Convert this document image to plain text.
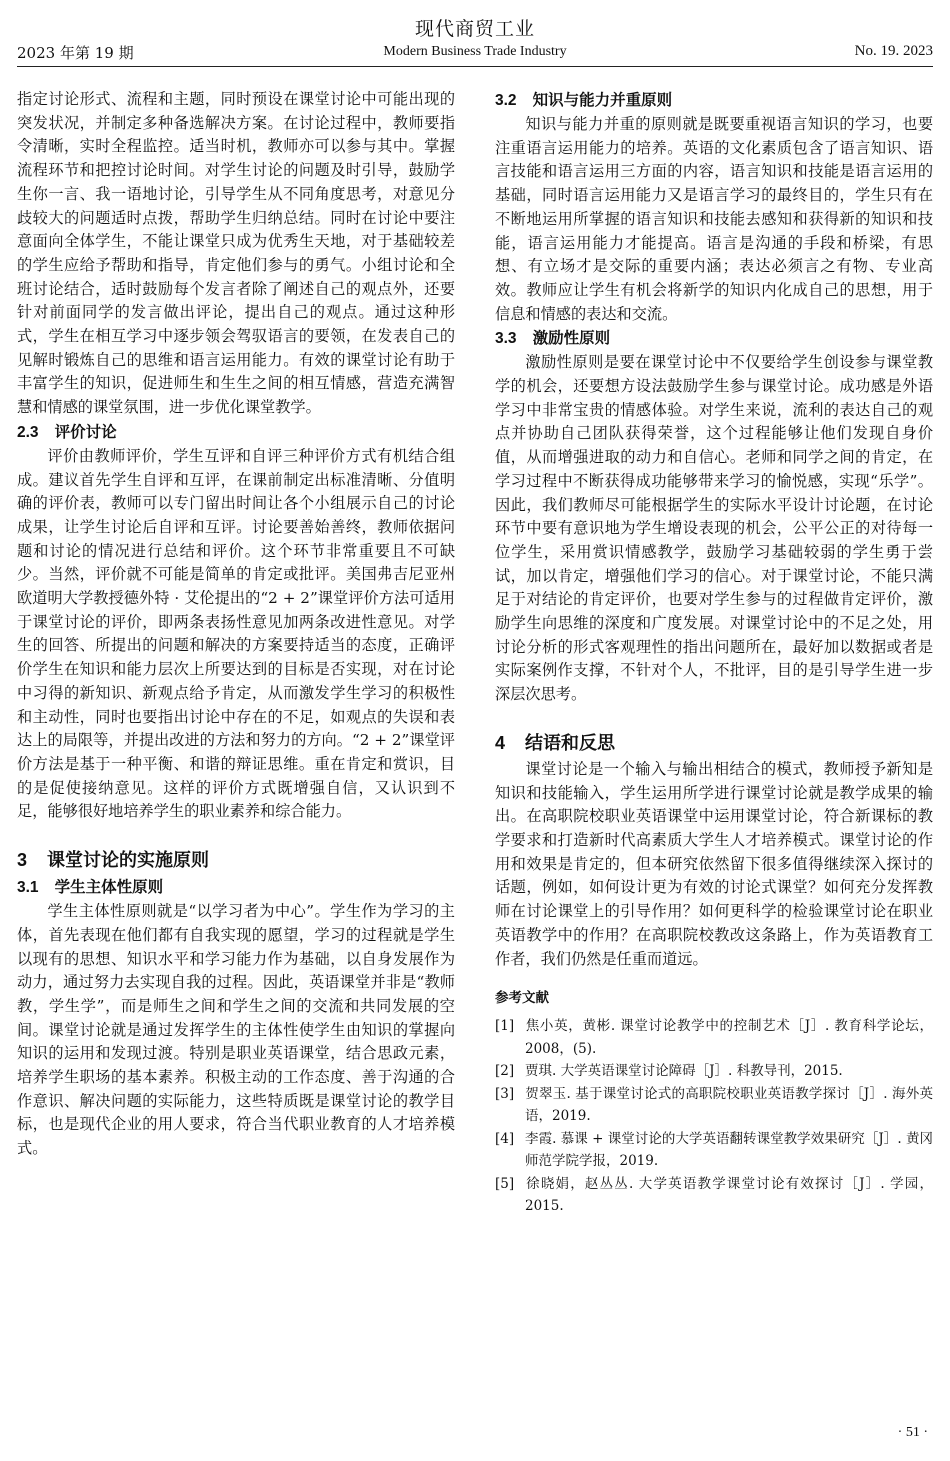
现代商贸工业
2023 年第 19 期	Modern Business Trade Industry	No. 19. 2023

指定讨论形式、流程和主题，同时预设在课堂讨论中可能出现的突发状况，并制定多种备选解决方案。在讨论过程中，教师要指令清晰，实时全程监控。适当时机，教师亦可以参与其中。掌握流程环节和把控讨论时间。对学生讨论的问题及时引导，鼓励学生你一言、我一语地讨论，引导学生从不同角度思考，对意见分歧较大的问题适时点拨，帮助学生归纳总结。同时在讨论中要注意面向全体学生，不能让课堂只成为优秀生天地，对于基础较差的学生应给予帮助和指导，肯定他们参与的勇气。小组讨论和全班讨论结合，适时鼓励每个发言者除了阐述自己的观点外，还要针对前面同学的发言做出评论，提出自己的观点。通过这种形式，学生在相互学习中逐步领会驾驭语言的要领，在发表自己的见解时锻炼自己的思维和语言运用能力。有效的课堂讨论有助于丰富学生的知识，促进师生和生生之间的相互情感，营造充满智慧和情感的课堂氛围，进一步优化课堂教学。

2.3 评价讨论

评价由教师评价，学生互评和自评三种评价方式有机结合组成。建议首先学生自评和互评，在课前制定出标准清晰、分值明确的评价表，教师可以专门留出时间让各个小组展示自己的讨论成果，让学生讨论后自评和互评。讨论要善始善终，教师依据问题和讨论的情况进行总结和评价。这个环节非常重要且不可缺少。当然，评价就不可能是简单的肯定或批评。美国弗吉尼亚州欧道明大学教授德外特 · 艾伦提出的“2 + 2”课堂评价方法可适用于课堂讨论的评价，即两条表扬性意见加两条改进性意见。对学生的回答、所提出的问题和解决的方案要持适当的态度，正确评价学生在知识和能力层次上所要达到的目标是否实现，对在讨论中习得的新知识、新观点给予肯定，从而激发学生学习的积极性和主动性，同时也要指出讨论中存在的不足，如观点的失误和表达上的局限等，并提出改进的方法和努力的方向。“2 + 2”课堂评价方法是基于一种平衡、和谐的辩证思维。重在肯定和赏识，目的是促使接纳意见。这样的评价方式既增强自信，又认识到不足，能够很好地培养学生的职业素养和综合能力。

3 课堂讨论的实施原则

3.1 学生主体性原则

学生主体性原则就是“以学习者为中心”。学生作为学习的主体，首先表现在他们都有自我实现的愿望，学习的过程就是学生以现有的思想、知识水平和学习能力作为基础，以自身发展作为动力，通过努力去实现自我的过程。因此，英语课堂并非是“教师教，学生学”，而是师生之间和学生之间的交流和共同发展的空间。课堂讨论就是通过发挥学生的主体性使学生由知识的掌握向知识的运用和发现过渡。特别是职业英语课堂，结合思政元素，培养学生职场的基本素养。积极主动的工作态度、善于沟通的合作意识、解决问题的实际能力，这些特质既是课堂讨论的教学目标，也是现代企业的用人要求，符合当代职业教育的人才培养模式。

3.2 知识与能力并重原则

知识与能力并重的原则就是既要重视语言知识的学习，也要注重语言运用能力的培养。英语的文化素质包含了语言知识、语言技能和语言运用三方面的内容，语言知识和技能是语言运用的基础，同时语言运用能力又是语言学习的最终目的，学生只有在不断地运用所掌握的语言知识和技能去感知和获得新的知识和技能，语言运用能力才能提高。语言是沟通的手段和桥梁，有思想、有立场才是交际的重要内涵；表达必须言之有物、专业高效。教师应让学生有机会将新学的知识内化成自己的思想，用于信息和情感的表达和交流。

3.3 激励性原则

激励性原则是要在课堂讨论中不仅要给学生创设参与课堂教学的机会，还要想方设法鼓励学生参与课堂讨论。成功感是外语学习中非常宝贵的情感体验。对学生来说，流利的表达自己的观点并协助自己团队获得荣誉，这个过程能够让他们发现自身价值，从而增强进取的动力和自信心。老师和同学之间的肯定，在学习过程中不断获得成功能够带来学习的愉悦感，实现“乐学”。因此，我们教师尽可能根据学生的实际水平设计讨论题，在讨论环节中要有意识地为学生增设表现的机会，公平公正的对待每一位学生，采用赏识情感教学，鼓励学习基础较弱的学生勇于尝试，加以肯定，增强他们学习的信心。对于课堂讨论，不能只满足于对结论的肯定评价，也要对学生参与的过程做肯定评价，激励学生向思维的深度和广度发展。对课堂讨论中的不足之处，用讨论分析的形式客观理性的指出问题所在，最好加以数据或者是实际案例作支撑，不针对个人，不批评，目的是引导学生进一步深层次思考。

4 结语和反思

课堂讨论是一个输入与输出相结合的模式，教师授予新知是知识和技能输入，学生运用所学进行课堂讨论就是教学成果的输出。在高职院校职业英语课堂中运用课堂讨论，符合新课标的教学要求和打造新时代高素质大学生人才培养模式。课堂讨论的作用和效果是肯定的，但本研究依然留下很多值得继续深入探讨的话题，例如，如何设计更为有效的讨论式课堂？如何充分发挥教师在讨论课堂上的引导作用？如何更科学的检验课堂讨论在职业英语教学中的作用？在高职院校教改这条路上，作为英语教育工作者，我们仍然是任重而道远。

参考文献

[1] 焦小英，黄彬. 课堂讨论教学中的控制艺术［J］. 教育科学论坛，2008，(5).

[2] 贾琪. 大学英语课堂讨论障碍［J］. 科教导刊，2015.

[3] 贺翠玉. 基于课堂讨论式的高职院校职业英语教学探讨［J］. 海外英语，2019.

[4] 李霞. 慕课 + 课堂讨论的大学英语翻转课堂教学效果研究［J］. 黄冈师范学院学报，2019.

[5] 徐晓娟，赵丛丛. 大学英语教学课堂讨论有效探讨［J］. 学园，2015.

· 51 ·
